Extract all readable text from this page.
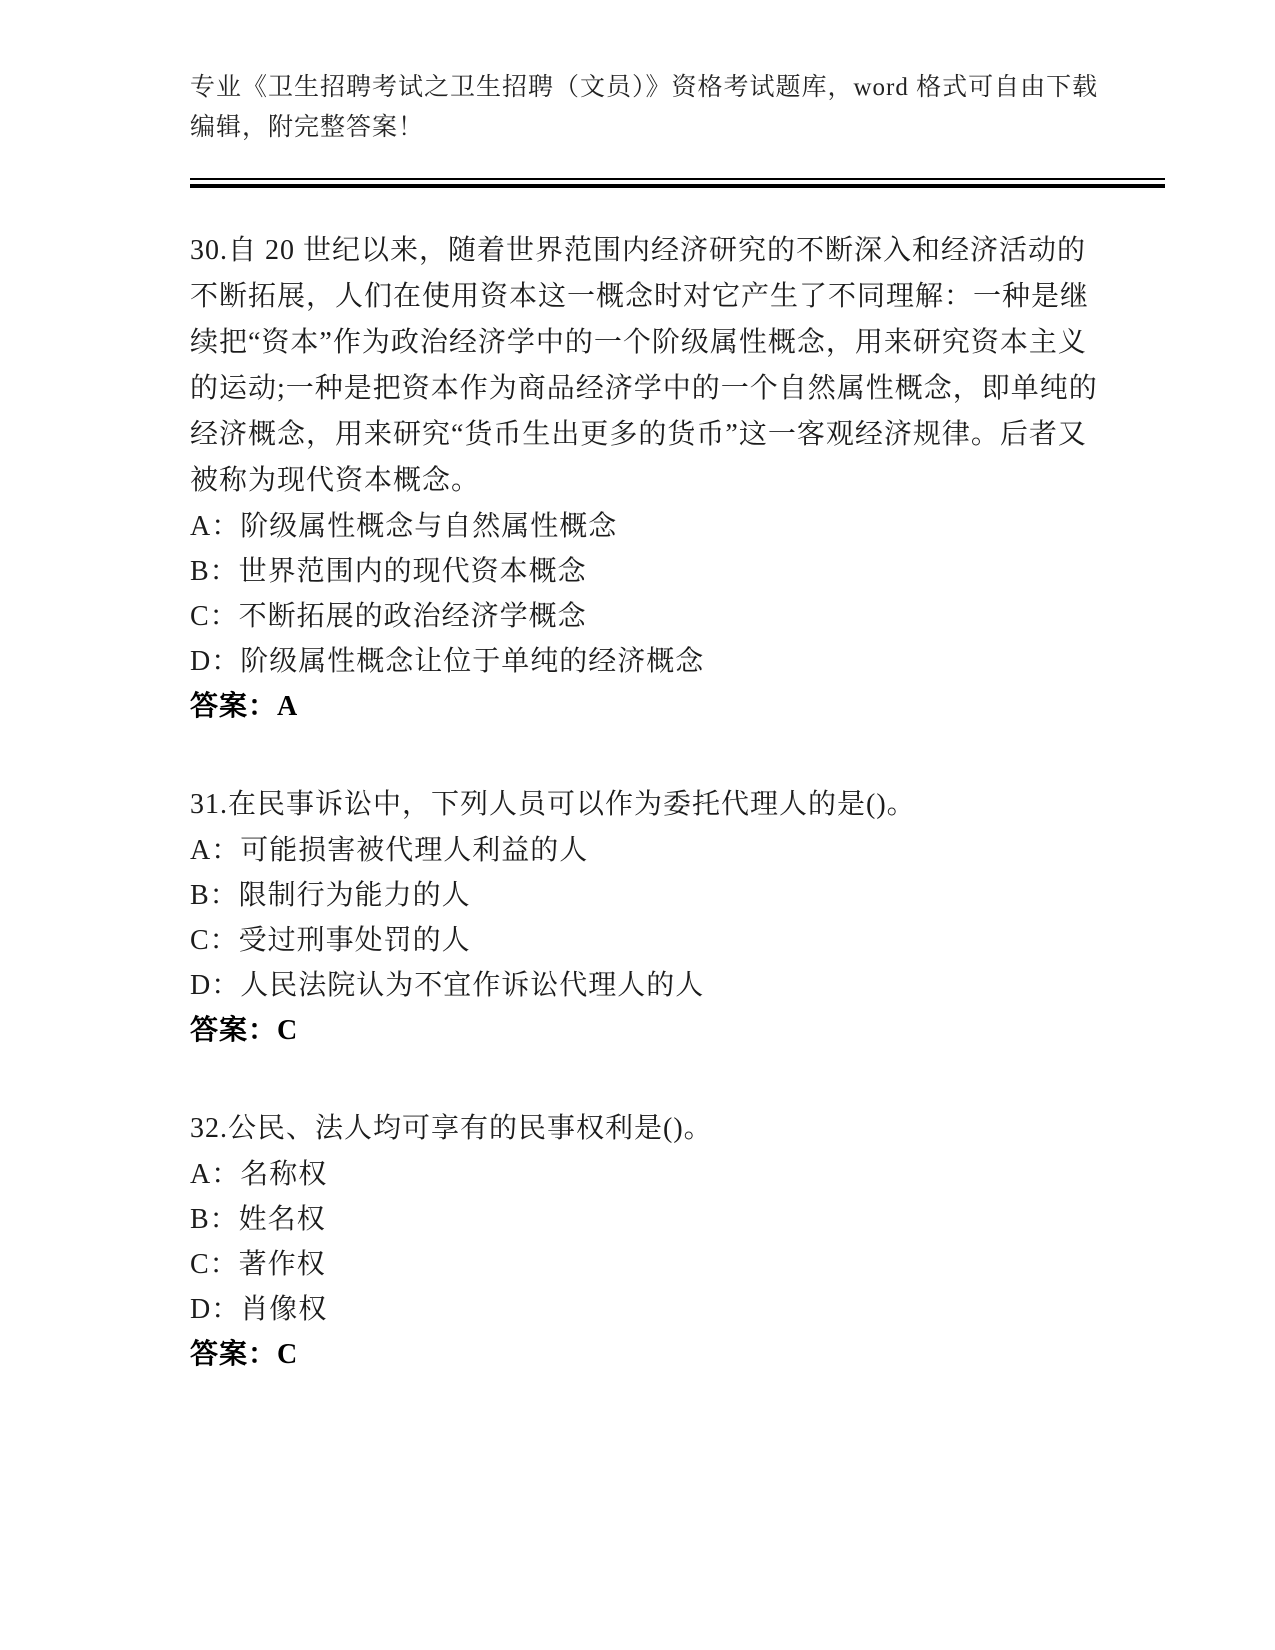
专业《卫生招聘考试之卫生招聘（文员）》资格考试题库，word 格式可自由下载
编辑，附完整答案！

30.自 20 世纪以来，随着世界范围内经济研究的不断深入和经济活动的不断拓展，人们在使用资本这一概念时对它产生了不同理解：一种是继续把“资本”作为政治经济学中的一个阶级属性概念，用来研究资本主义的运动;一种是把资本作为商品经济学中的一个自然属性概念，即单纯的经济概念，用来研究“货币生出更多的货币”这一客观经济规律。后者又被称为现代资本概念。

A：阶级属性概念与自然属性概念

B：世界范围内的现代资本概念

C：不断拓展的政治经济学概念

D：阶级属性概念让位于单纯的经济概念

答案：A

31.在民事诉讼中，下列人员可以作为委托代理人的是()。

A：可能损害被代理人利益的人

B：限制行为能力的人

C：受过刑事处罚的人

D：人民法院认为不宜作诉讼代理人的人

答案：C

32.公民、法人均可享有的民事权利是()。

A：名称权

B：姓名权

C：著作权

D：肖像权

答案：C
